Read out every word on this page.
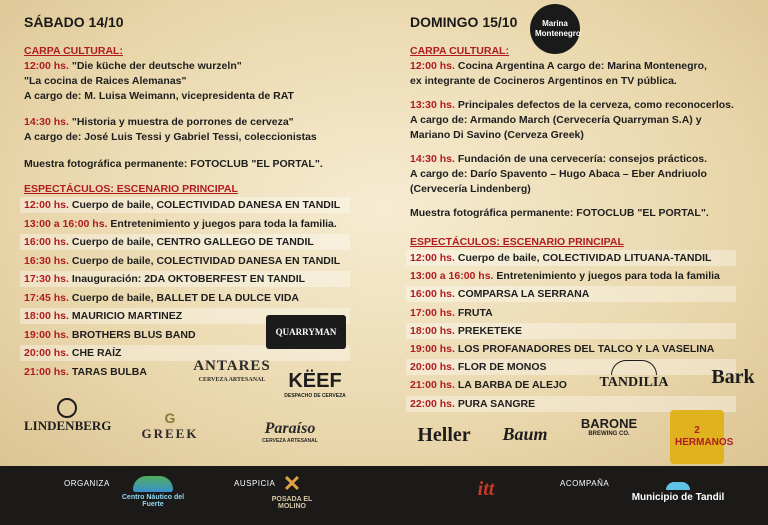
SÁBADO 14/10
CARPA CULTURAL:
12:00 hs. "Die küche der deutsche wurzeln"
"La cocina de Raices Alemanas"
A cargo de: M. Luisa Weimann, vicepresidenta de RAT
14:30 hs. "Historia y muestra de porrones de cerveza"
A cargo de: José Luis Tessi y Gabriel Tessi, coleccionistas
Muestra fotográfica permanente: FOTOCLUB "EL PORTAL".
ESPECTÁCULOS: ESCENARIO PRINCIPAL
12:00 hs. Cuerpo de baile, COLECTIVIDAD DANESA EN TANDIL
13:00 a 16:00 hs. Entretenimiento y juegos para toda la familia.
16:00 hs. Cuerpo de baile, CENTRO GALLEGO DE TANDIL
16:30 hs. Cuerpo de baile, COLECTIVIDAD DANESA EN TANDIL
17:30 hs. Inauguración: 2DA OKTOBERFEST EN TANDIL
17:45 hs. Cuerpo de baile, BALLET DE LA DULCE VIDA
18:00 hs. MAURICIO MARTINEZ
19:00 hs. BROTHERS BLUS BAND
20:00 hs. CHE RAÍZ
21:00 hs. TARAS BULBA
DOMINGO 15/10
CARPA CULTURAL:
12:00 hs. Cocina Argentina A cargo de: Marina Montenegro,
ex integrante de Cocineros Argentinos en TV pública.
13:30 hs. Principales defectos de la cerveza, como reconocerlos.
A cargo de: Armando March (Cervecería Quarryman S.A) y
Mariano Di Savino (Cerveza Greek)
14:30 hs. Fundación de una cervecería: consejos prácticos.
A cargo de: Darío Spavento – Hugo Abaca – Eber Andriuolo
(Cervecería Lindenberg)
Muestra fotográfica permanente: FOTOCLUB "EL PORTAL".
ESPECTÁCULOS: ESCENARIO PRINCIPAL
12:00 hs. Cuerpo de baile, COLECTIVIDAD LITUANA-TANDIL
13:00 a 16:00 hs. Entretenimiento y juegos para toda la familia
16:00 hs. COMPARSA LA SERRANA
17:00 hs. FRUTA
18:00 hs. PREKETEKE
19:00 hs. LOS PROFANADORES DEL TALCO Y LA VASELINA
20:00 hs. FLOR DE MONOS
21:00 hs. LA BARBA DE ALEJO
22:00 hs. PURA SANGRE
Marina Montenegro
QUARRYMAN
ANTARES
CERVEZA ARTESANAL	KËEF
DESPACHO DE CERVEZA
LINDENBERG	G
GREEK	Paraíso
CERVEZA ARTESANAL
TANDILIA	Bark
Heller	Baum
BARONE
BREWING CO.	2 HERMANOS
ORGANIZA
Centro Náutico del Fuerte
AUSPICIA ✕
POSADA EL MOLINO
itt	ACOMPAÑA
Municipio de Tandil
